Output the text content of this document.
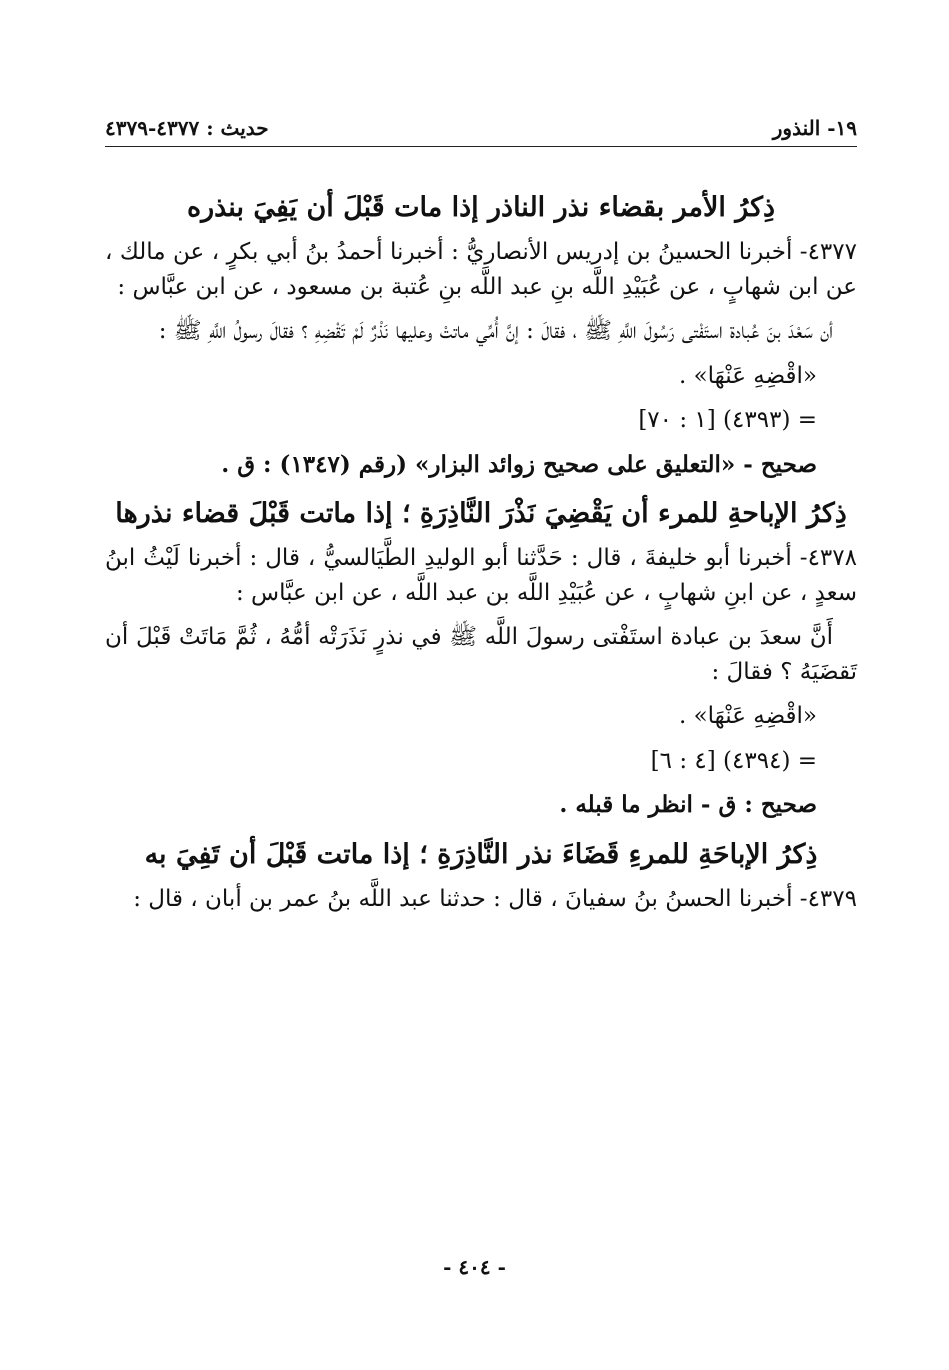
حديث : ٤٣٧٧-٤٣٧٩	١٩- النذور
ذِكرُ الأمر بقضاء نذر الناذر إذا مات قَبْلَ أن يَفِيَ بنذره

٤٣٧٧- أخبرنا الحسينُ بن إدريس الأنصاريُّ : أخبرنا أحمدُ بنُ أبي بكرٍ ، عن مالك ، عن ابن شهابٍ ، عن عُبَيْدِ اللَّه بنِ عبد اللَّه بنِ عُتبة بن مسعود ، عن ابن عبَّاس :

أن سَعْدَ بنَ عُبادة استَفْتى رَسُولَ اللَّهِ ﷺ ، فقالَ : إنَّ أُمِّي ماتتْ وعليها نَذْرٌ لَمْ تَقْضِهِ ؟ فقالَ رسولُ اللَّهِ ﷺ :

«اقْضِهِ عَنْهَا» .

= (٤٣٩٣) [١ : ٧٠]

صحيح - «التعليق على صحيح زوائد البزار» (رقم (١٣٤٧) : ق .

ذِكرُ الإباحةِ للمرء أن يَقْضِيَ نَذْرَ النَّاذِرَةِ ؛ إذا ماتت قَبْلَ قضاء نذرها

٤٣٧٨- أخبرنا أبو خليفةَ ، قال : حَدَّثنا أبو الوليدِ الطَّيَالسيُّ ، قال : أخبرنا لَيْثُ ابنُ سعدٍ ، عن ابنِ شهابٍ ، عن عُبَيْدِ اللَّه بن عبد اللَّه ، عن ابن عبَّاس :

أَنَّ سعدَ بن عبادة استَفْتى رسولَ اللَّه ﷺ في نذرٍ نَذَرَتْه أمُّهُ ، ثُمَّ مَاتَتْ قَبْلَ أن تَقضَيَهُ ؟ فقالَ :

«اقْضِهِ عَنْهَا» .

= (٤٣٩٤) [٤ : ٦]

صحيح : ق - انظر ما قبله .

ذِكرُ الإباحَةِ للمرءِ قَضَاءَ نذر النَّاذِرَةِ ؛ إذا ماتت قَبْلَ أن تَفِيَ به

٤٣٧٩- أخبرنا الحسنُ بنُ سفيانَ ، قال : حدثنا عبد اللَّه بنُ عمر بن أبان ، قال :

- ٤٠٤ -
